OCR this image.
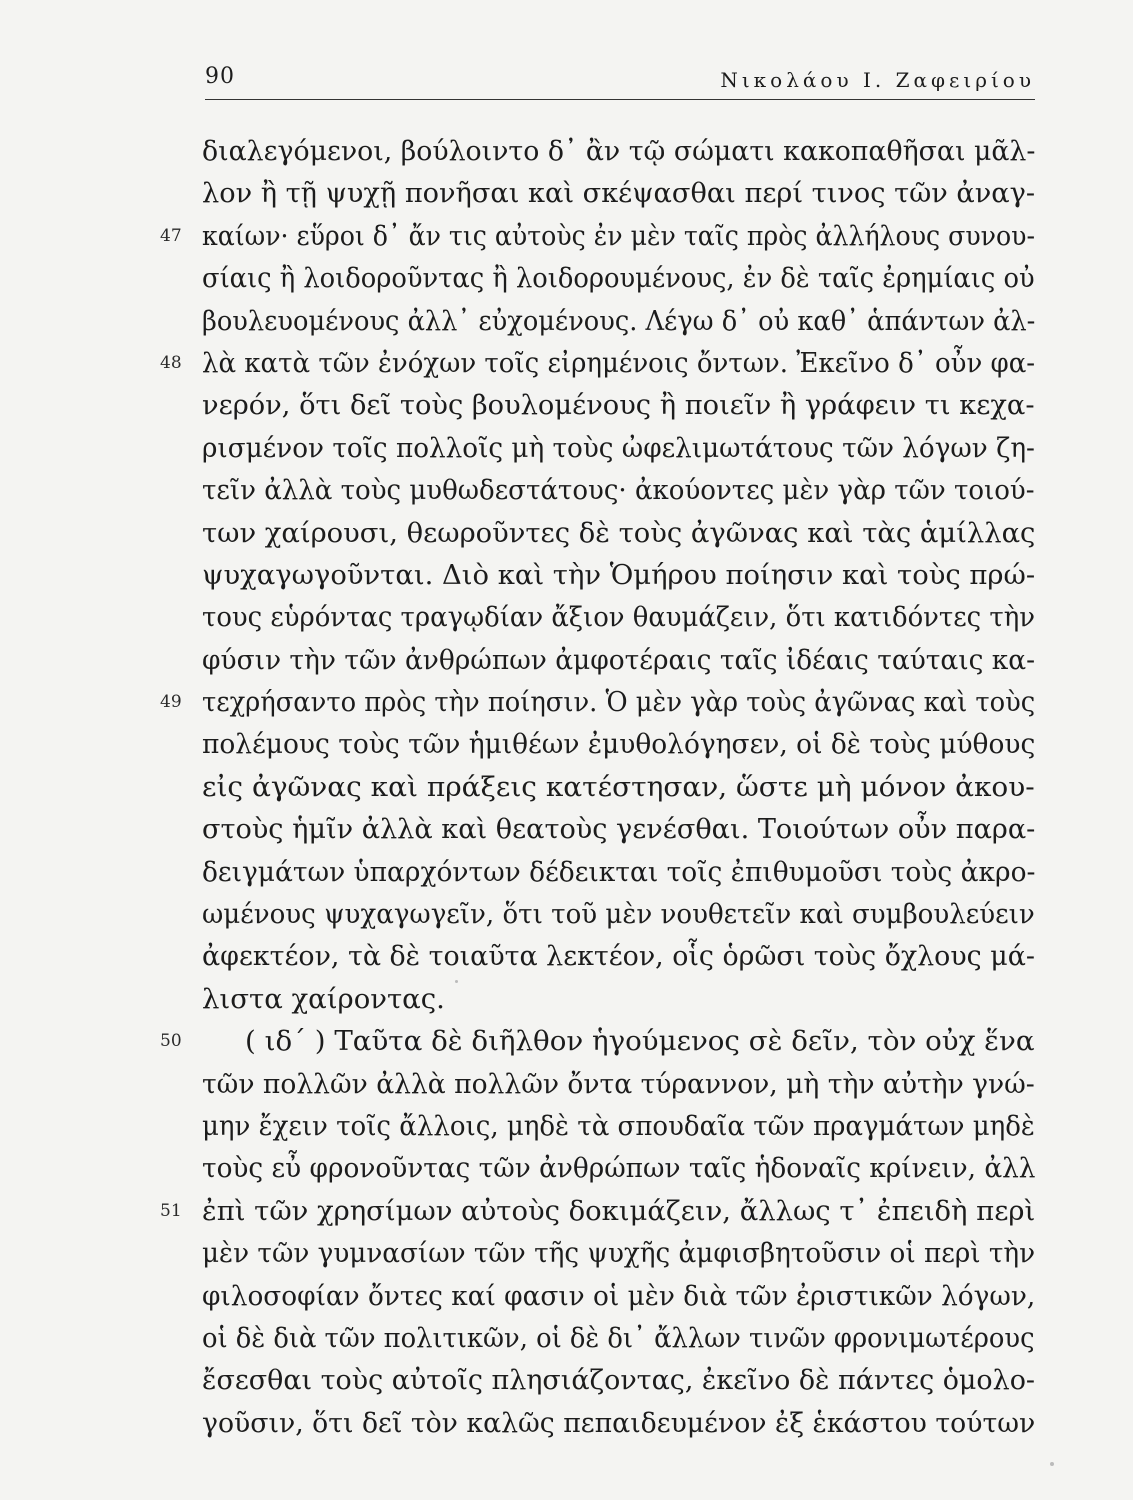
90	Νικολάου Ι. Ζαφειρίου
διαλεγόμενοι, βούλοιντο δ᾽ ἂν τῷ σώματι κακοπαθῆσαι μᾶλ-
λον ἢ τῇ ψυχῇ πονῆσαι καὶ σκέψασθαι περί τινος τῶν ἀναγ-
47 καίων· εὕροι δ᾽ ἄν τις αὐτοὺς ἐν μὲν ταῖς πρὸς ἀλλήλους συνου-
σίαις ἢ λοιδοροῦντας ἢ λοιδορουμένους, ἐν δὲ ταῖς ἐρημίαις οὐ
βουλευομένους ἀλλ᾽ εὐχομένους. Λέγω δ᾽ οὐ καθ᾽ ἁπάντων ἀλ-
48 λὰ κατὰ τῶν ἐνόχων τοῖς εἰρημένοις ὄντων. Ἐκεῖνο δ᾽ οὖν φα-
νερόν, ὅτι δεῖ τοὺς βουλομένους ἢ ποιεῖν ἢ γράφειν τι κεχα-
ρισμένον τοῖς πολλοῖς μὴ τοὺς ὠφελιμωτάτους τῶν λόγων ζη-
τεῖν ἀλλὰ τοὺς μυθωδεστάτους· ἀκούοντες μὲν γὰρ τῶν τοιού-
των χαίρουσι, θεωροῦντες δὲ τοὺς ἀγῶνας καὶ τὰς ἁμίλλας
ψυχαγωγοῦνται. Διὸ καὶ τὴν Ὁμήρου ποίησιν καὶ τοὺς πρώ-
τους εὑρόντας τραγῳδίαν ἄξιον θαυμάζειν, ὅτι κατιδόντες τὴν
φύσιν τὴν τῶν ἀνθρώπων ἀμφοτέραις ταῖς ἰδέαις ταύταις κα-
49 τεχρήσαντο πρὸς τὴν ποίησιν. Ὁ μὲν γὰρ τοὺς ἀγῶνας καὶ τοὺς
πολέμους τοὺς τῶν ἡμιθέων ἐμυθολόγησεν, οἱ δὲ τοὺς μύθους
εἰς ἀγῶνας καὶ πράξεις κατέστησαν, ὥστε μὴ μόνον ἀκου-
στοὺς ἡμῖν ἀλλὰ καὶ θεατοὺς γενέσθαι. Τοιούτων οὖν παρα-
δειγμάτων ὑπαρχόντων δέδεικται τοῖς ἐπιθυμοῦσι τοὺς ἀκρο-
ωμένους ψυχαγωγεῖν, ὅτι τοῦ μὲν νουθετεῖν καὶ συμβουλεύειν
ἀφεκτέον, τὰ δὲ τοιαῦτα λεκτέον, οἷς ὁρῶσι τοὺς ὄχλους μά-
λιστα χαίροντας.
50 ( ιδ΄ ) Ταῦτα δὲ διῆλθον ἡγούμενος σὲ δεῖν, τὸν οὐχ ἕνα
τῶν πολλῶν ἀλλὰ πολλῶν ὄντα τύραννον, μὴ τὴν αὐτὴν γνώ-
μην ἔχειν τοῖς ἄλλοις, μηδὲ τὰ σπουδαῖα τῶν πραγμάτων μηδὲ
τοὺς εὖ φρονοῦντας τῶν ἀνθρώπων ταῖς ἡδοναῖς κρίνειν, ἀλλ
51 ἐπὶ τῶν χρησίμων αὐτοὺς δοκιμάζειν, ἄλλως τ᾽ ἐπειδὴ περὶ
μὲν τῶν γυμνασίων τῶν τῆς ψυχῆς ἀμφισβητοῦσιν οἱ περὶ τὴν
φιλοσοφίαν ὄντες καί φασιν οἱ μὲν διὰ τῶν ἐριστικῶν λόγων,
οἱ δὲ διὰ τῶν πολιτικῶν, οἱ δὲ δι᾽ ἄλλων τινῶν φρονιμωτέρους
ἔσεσθαι τοὺς αὐτοῖς πλησιάζοντας, ἐκεῖνο δὲ πάντες ὁμολο-
γοῦσιν, ὅτι δεῖ τὸν καλῶς πεπαιδευμένον ἐξ ἑκάστου τούτων
